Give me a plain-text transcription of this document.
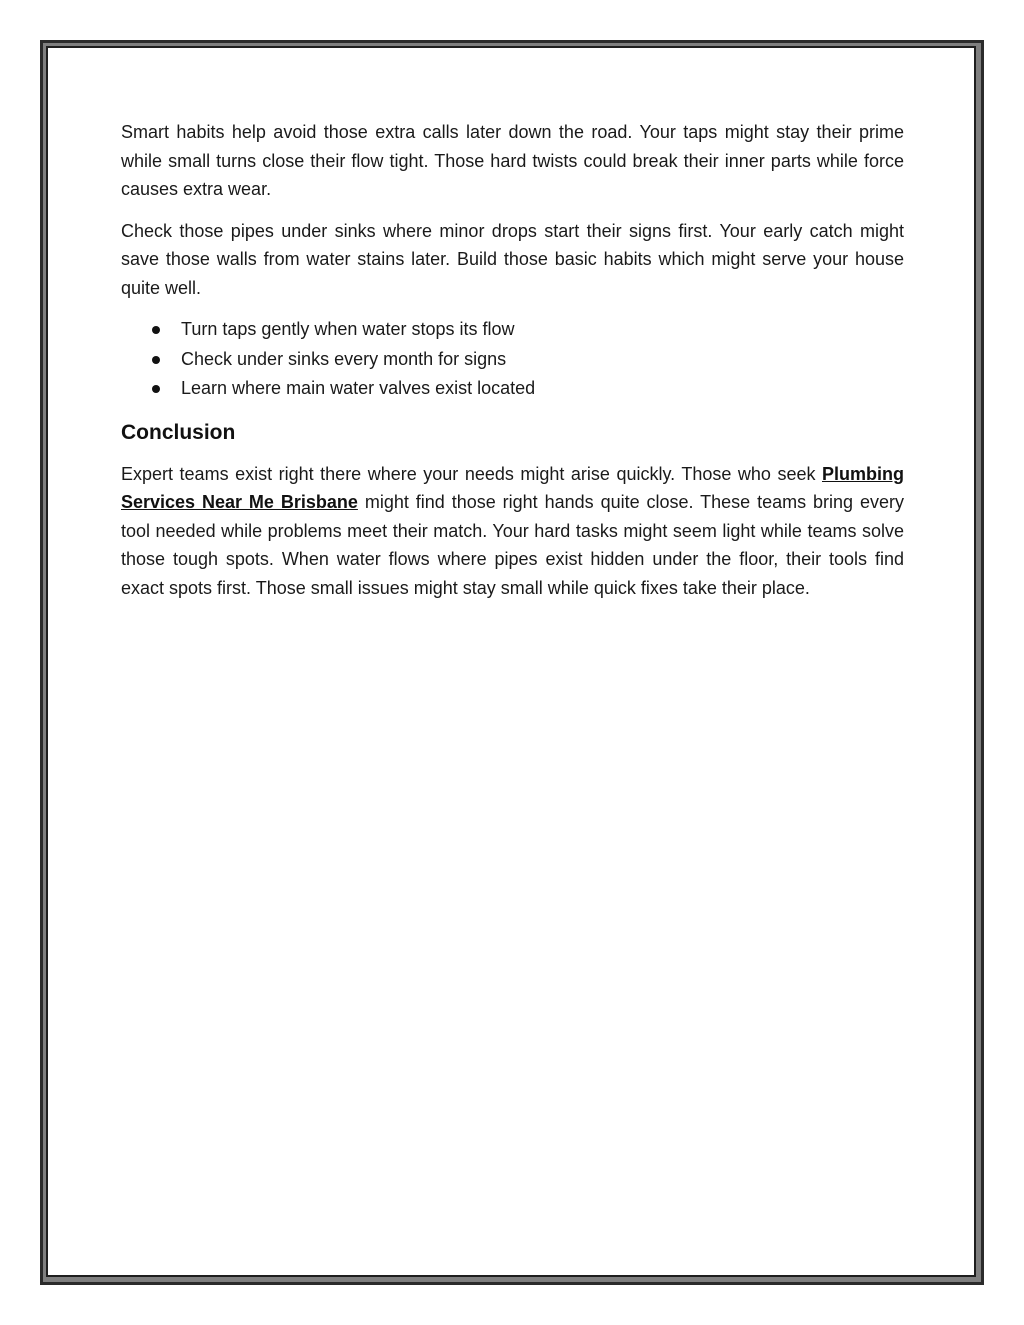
Smart habits help avoid those extra calls later down the road. Your taps might stay their prime while small turns close their flow tight. Those hard twists could break their inner parts while force causes extra wear.

Check those pipes under sinks where minor drops start their signs first. Your early catch might save those walls from water stains later. Build those basic habits which might serve your house quite well.

Turn taps gently when water stops its flow
Check under sinks every month for signs
Learn where main water valves exist located
Conclusion

Expert teams exist right there where your needs might arise quickly. Those who seek Plumbing Services Near Me Brisbane might find those right hands quite close. These teams bring every tool needed while problems meet their match. Your hard tasks might seem light while teams solve those tough spots. When water flows where pipes exist hidden under the floor, their tools find exact spots first. Those small issues might stay small while quick fixes take their place.
